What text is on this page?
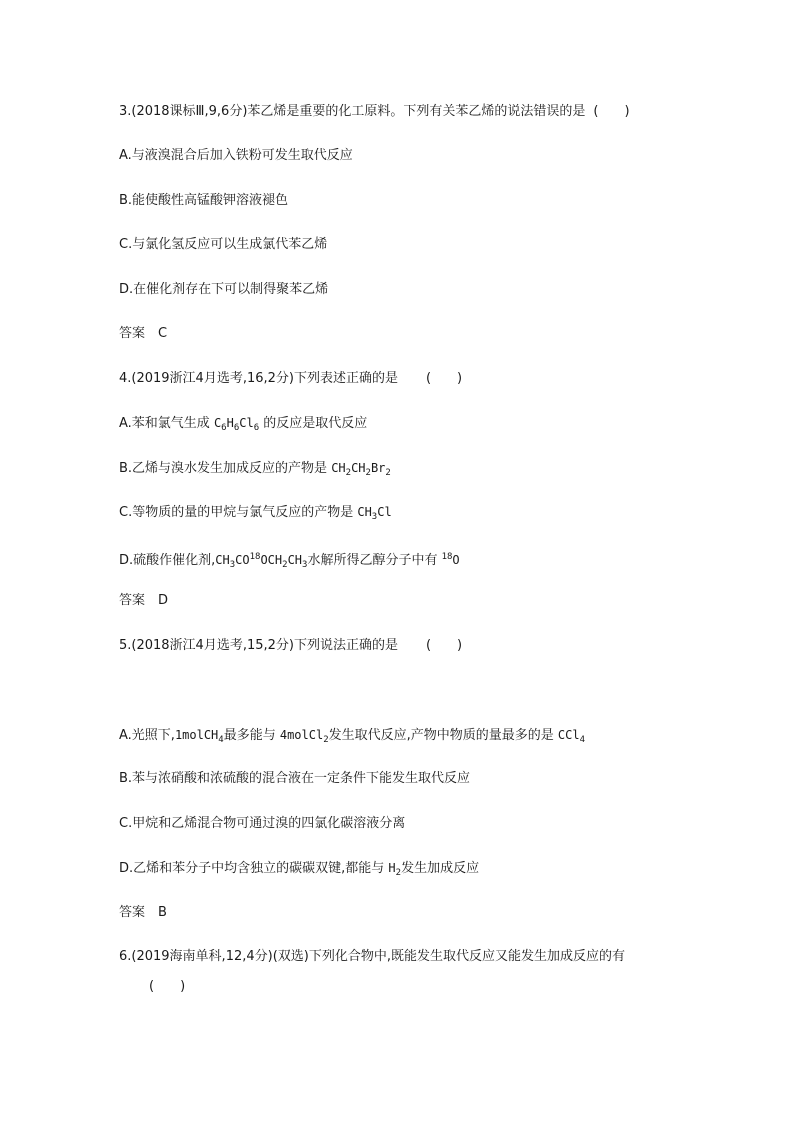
3.(2018课标Ⅲ,9,6分)苯乙烯是重要的化工原料。下列有关苯乙烯的说法错误的是 (　　)
A.与液溴混合后加入铁粉可发生取代反应
B.能使酸性高锰酸钾溶液褪色
C.与氯化氢反应可以生成氯代苯乙烯
D.在催化剂存在下可以制得聚苯乙烯
答案　C
4.(2019浙江4月选考,16,2分)下列表述正确的是 (　　)
A.苯和氯气生成 $C_6H_6Cl_6$ 的反应是取代反应
B.乙烯与溴水发生加成反应的产物是 $CH_2CH_2Br_2$
C.等物质的量的甲烷与氯气反应的产物是 $CH_3Cl$
D.硫酸作催化剂$,CH_3CO^{18}OCH_2CH_3$水解所得乙醇分子中有 $^{18}$O
答案　D
5.(2018浙江4月选考,15,2分)下列说法正确的是 (　　)
A.光照下,1molCH$_4$最多能与 4molCl$_2$发生取代反应,产物中物质的量最多的是 CCl$_4$
B.苯与浓硝酸和浓硫酸的混合液在一定条件下能发生取代反应
C.甲烷和乙烯混合物可通过溴的四氯化碳溶液分离
D.乙烯和苯分子中均含独立的碳碳双键,都能与 $H_2$发生加成反应
答案　B
6.(2019海南单科,12,4分)(双选)下列化合物中,既能发生取代反应又能发生加成反应的有
(　　)
